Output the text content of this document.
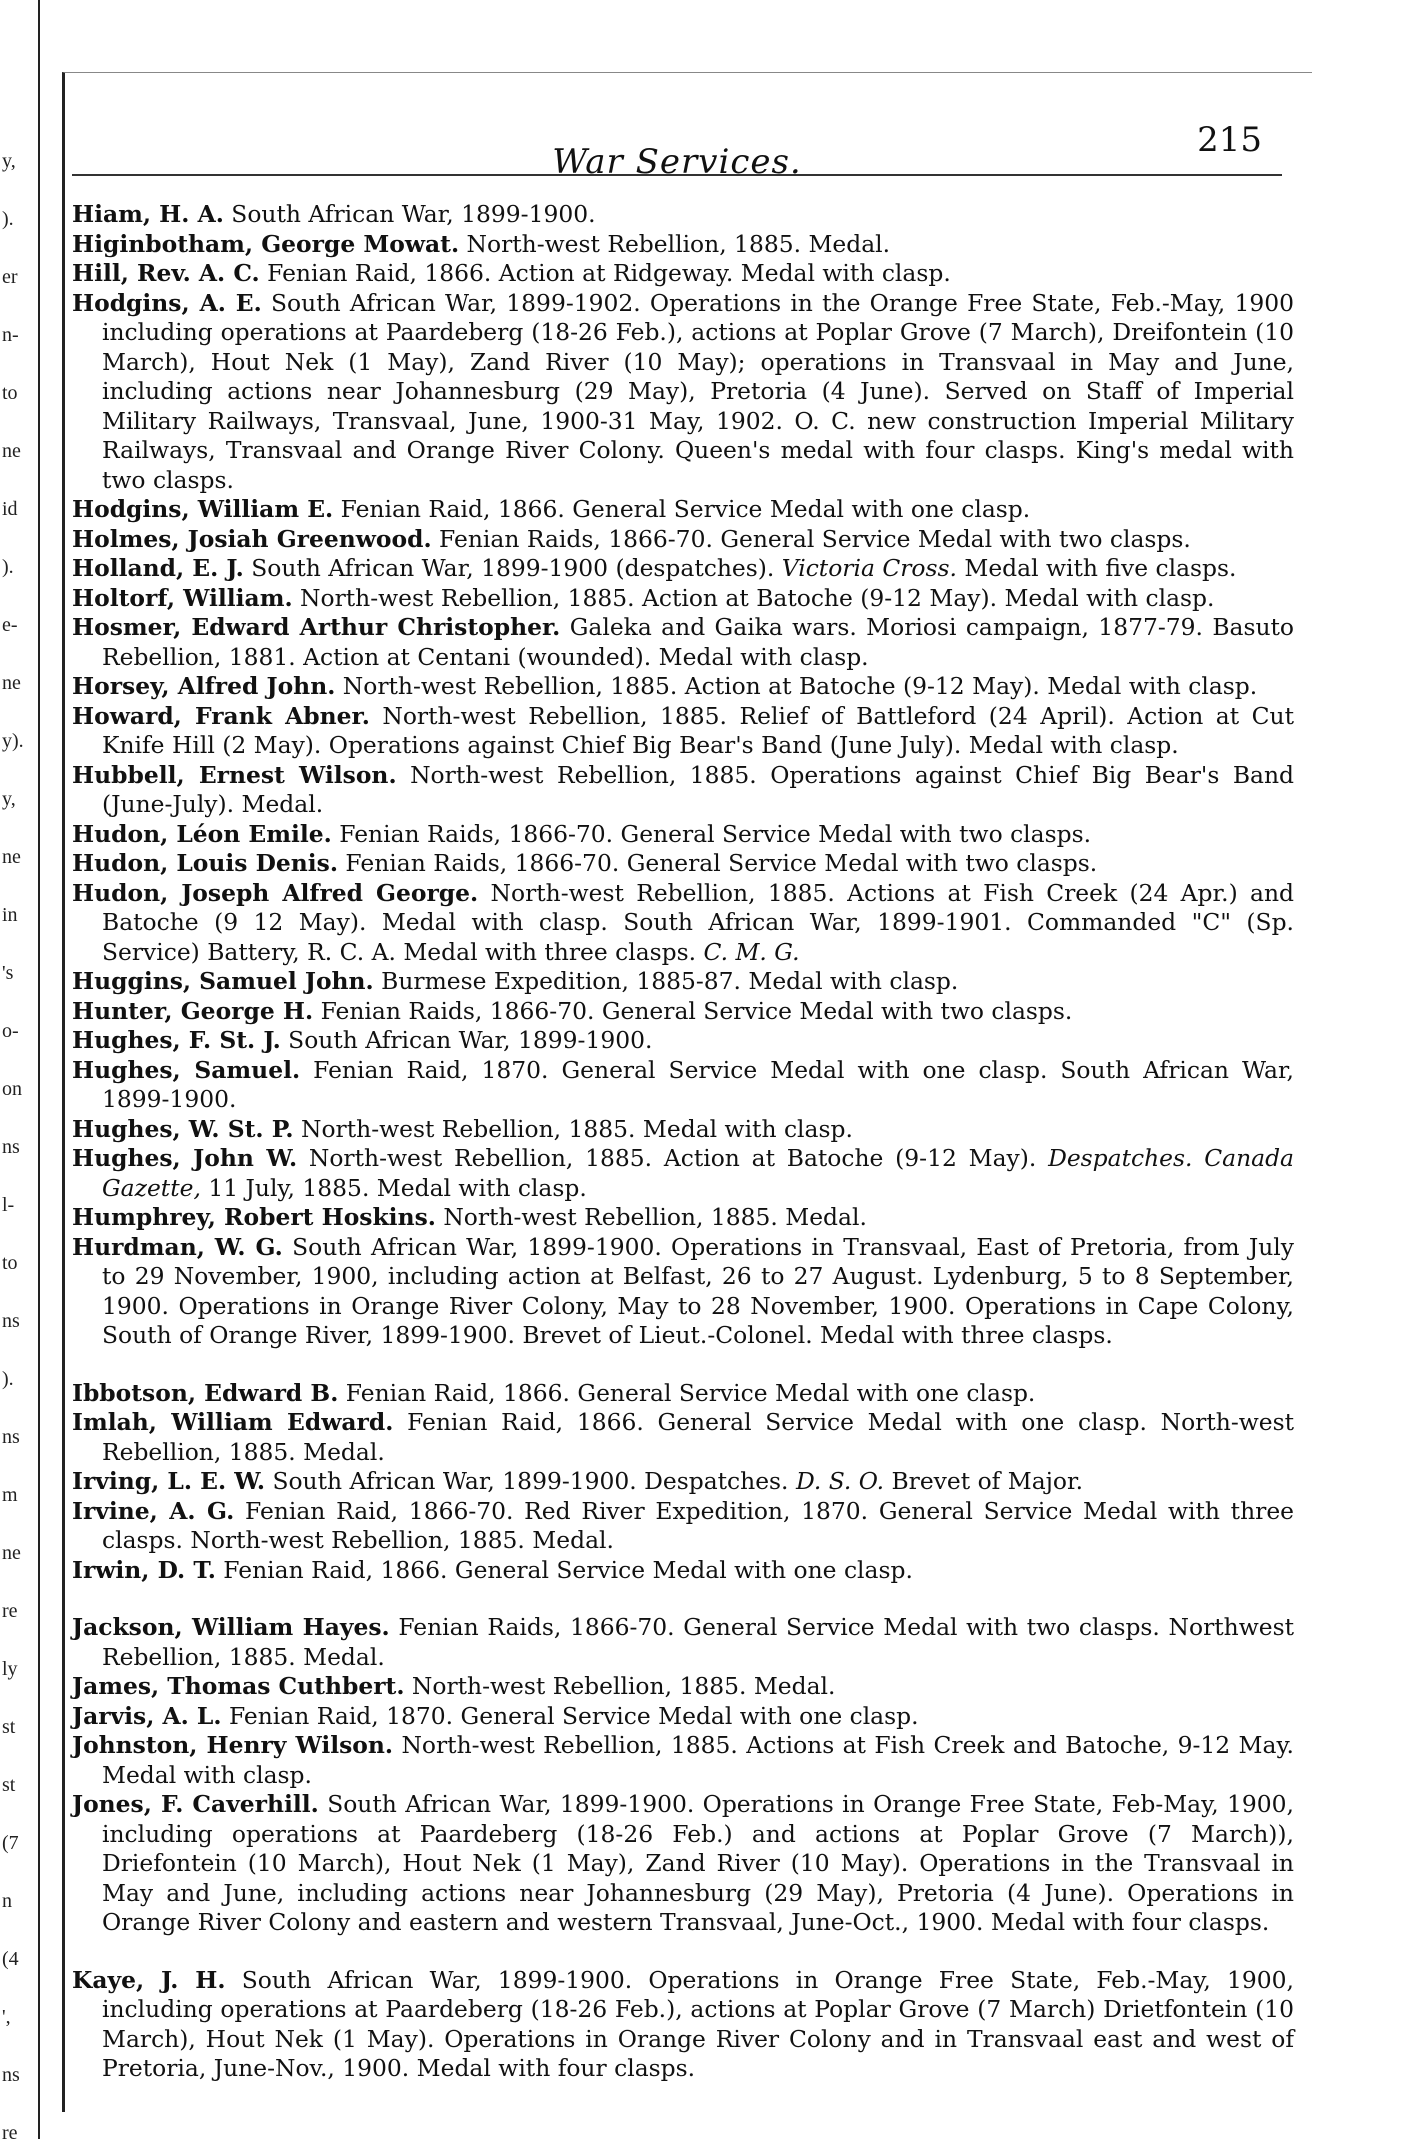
y,
).
er
n-
to
ne
id
).
e-
ne
y).
y,
ne
in
's
o-
on
ns
l-
to
ns
).
ns
m
ne
re
ly
st
st
(7
n
(4
',
ns
re
War Services.
215
Hiam, H. A. South African War, 1899-1900.
Higinbotham, George Mowat. North-west Rebellion, 1885. Medal.
Hill, Rev. A. C. Fenian Raid, 1866. Action at Ridgeway. Medal with clasp.
Hodgins, A. E. South African War, 1899-1902. Operations in the Orange Free State, Feb.-May, 1900 including operations at Paardeberg (18-26 Feb.), actions at Poplar Grove (7 March), Dreifontein (10 March), Hout Nek (1 May), Zand River (10 May); operations in Transvaal in May and June, including actions near Johannesburg (29 May), Pretoria (4 June). Served on Staff of Imperial Military Railways, Transvaal, June, 1900-31 May, 1902. O. C. new construction Imperial Military Railways, Transvaal and Orange River Colony. Queen's medal with four clasps. King's medal with two clasps.
Hodgins, William E. Fenian Raid, 1866. General Service Medal with one clasp.
Holmes, Josiah Greenwood. Fenian Raids, 1866-70. General Service Medal with two clasps.
Holland, E. J. South African War, 1899-1900 (despatches). Victoria Cross. Medal with five clasps.
Holtorf, William. North-west Rebellion, 1885. Action at Batoche (9-12 May). Medal with clasp.
Hosmer, Edward Arthur Christopher. Galeka and Gaika wars. Moriosi campaign, 1877-79. Basuto Rebellion, 1881. Action at Centani (wounded). Medal with clasp.
Horsey, Alfred John. North-west Rebellion, 1885. Action at Batoche (9-12 May). Medal with clasp.
Howard, Frank Abner. North-west Rebellion, 1885. Relief of Battleford (24 April). Action at Cut Knife Hill (2 May). Operations against Chief Big Bear's Band (June July). Medal with clasp.
Hubbell, Ernest Wilson. North-west Rebellion, 1885. Operations against Chief Big Bear's Band (June-July). Medal.
Hudon, Léon Emile. Fenian Raids, 1866-70. General Service Medal with two clasps.
Hudon, Louis Denis. Fenian Raids, 1866-70. General Service Medal with two clasps.
Hudon, Joseph Alfred George. North-west Rebellion, 1885. Actions at Fish Creek (24 Apr.) and Batoche (9 12 May). Medal with clasp. South African War, 1899-1901. Commanded "C" (Sp. Service) Battery, R. C. A. Medal with three clasps. C. M. G.
Huggins, Samuel John. Burmese Expedition, 1885-87. Medal with clasp.
Hunter, George H. Fenian Raids, 1866-70. General Service Medal with two clasps.
Hughes, F. St. J. South African War, 1899-1900.
Hughes, Samuel. Fenian Raid, 1870. General Service Medal with one clasp. South African War, 1899-1900.
Hughes, W. St. P. North-west Rebellion, 1885. Medal with clasp.
Hughes, John W. North-west Rebellion, 1885. Action at Batoche (9-12 May). Despatches. Canada Gazette, 11 July, 1885. Medal with clasp.
Humphrey, Robert Hoskins. North-west Rebellion, 1885. Medal.
Hurdman, W. G. South African War, 1899-1900. Operations in Transvaal, East of Pretoria, from July to 29 November, 1900, including action at Belfast, 26 to 27 August. Lydenburg, 5 to 8 September, 1900. Operations in Orange River Colony, May to 28 November, 1900. Operations in Cape Colony, South of Orange River, 1899-1900. Brevet of Lieut.-Colonel. Medal with three clasps.
Ibbotson, Edward B. Fenian Raid, 1866. General Service Medal with one clasp.
Imlah, William Edward. Fenian Raid, 1866. General Service Medal with one clasp. North-west Rebellion, 1885. Medal.
Irving, L. E. W. South African War, 1899-1900. Despatches. D. S. O. Brevet of Major.
Irvine, A. G. Fenian Raid, 1866-70. Red River Expedition, 1870. General Service Medal with three clasps. North-west Rebellion, 1885. Medal.
Irwin, D. T. Fenian Raid, 1866. General Service Medal with one clasp.
Jackson, William Hayes. Fenian Raids, 1866-70. General Service Medal with two clasps. Northwest Rebellion, 1885. Medal.
James, Thomas Cuthbert. North-west Rebellion, 1885. Medal.
Jarvis, A. L. Fenian Raid, 1870. General Service Medal with one clasp.
Johnston, Henry Wilson. North-west Rebellion, 1885. Actions at Fish Creek and Batoche, 9-12 May. Medal with clasp.
Jones, F. Caverhill. South African War, 1899-1900. Operations in Orange Free State, Feb-May, 1900, including operations at Paardeberg (18-26 Feb.) and actions at Poplar Grove (7 March)), Driefontein (10 March), Hout Nek (1 May), Zand River (10 May). Operations in the Transvaal in May and June, including actions near Johannesburg (29 May), Pretoria (4 June). Operations in Orange River Colony and eastern and western Transvaal, June-Oct., 1900. Medal with four clasps.
Kaye, J. H. South African War, 1899-1900. Operations in Orange Free State, Feb.-May, 1900, including operations at Paardeberg (18-26 Feb.), actions at Poplar Grove (7 March) Drietfontein (10 March), Hout Nek (1 May). Operations in Orange River Colony and in Transvaal east and west of Pretoria, June-Nov., 1900. Medal with four clasps.
